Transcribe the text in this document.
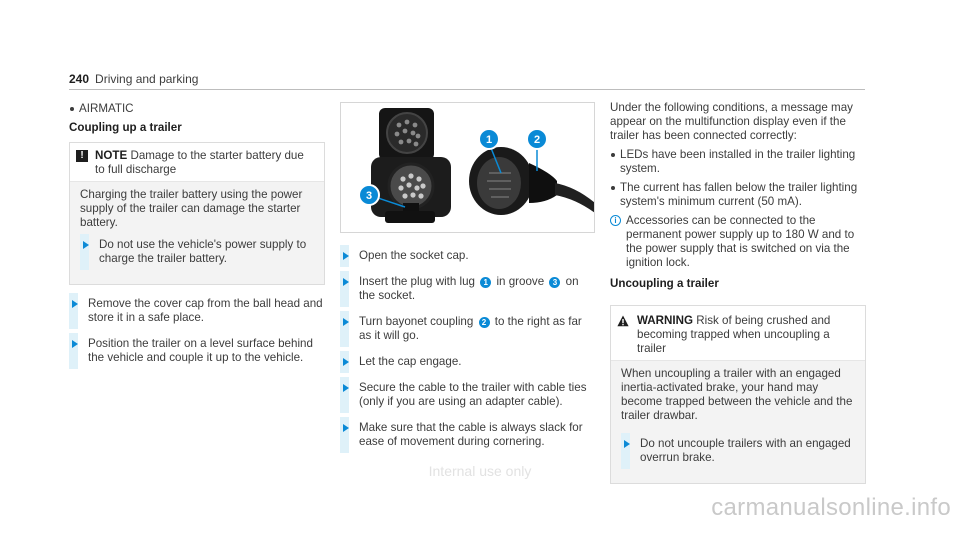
240 Driving and parking
AIRMATIC
Coupling up a trailer
! NOTE Damage to the starter battery due to full discharge
Charging the trailer battery using the power supply of the trailer can damage the starter battery.
Do not use the vehicle's power supply to charge the trailer battery.
Remove the cover cap from the ball head and store it in a safe place.
Position the trailer on a level surface behind the vehicle and couple it up to the vehicle.
1	2
3
Open the socket cap.
Insert the plug with lug 1 in groove 3 on the socket.
Turn bayonet coupling 2 to the right as far as it will go.
Let the cap engage.
Secure the cable to the trailer with cable ties (only if you are using an adapter cable).
Make sure that the cable is always slack for ease of movement during cornering.
Under the following conditions, a message may appear on the multifunction display even if the trailer has been connected correctly:
LEDs have been installed in the trailer lighting system.
The current has fallen below the trailer lighting system's minimum current (50 mA).
i Accessories can be connected to the permanent power supply up to 180 W and to the power supply that is switched on via the ignition lock.
Uncoupling a trailer
WARNING Risk of being crushed and becoming trapped when uncoupling a trailer
When uncoupling a trailer with an engaged inertia-activated brake, your hand may become trapped between the vehicle and the trailer drawbar.
Do not uncouple trailers with an engaged overrun brake.
Internal use only
carmanualsonline.info
